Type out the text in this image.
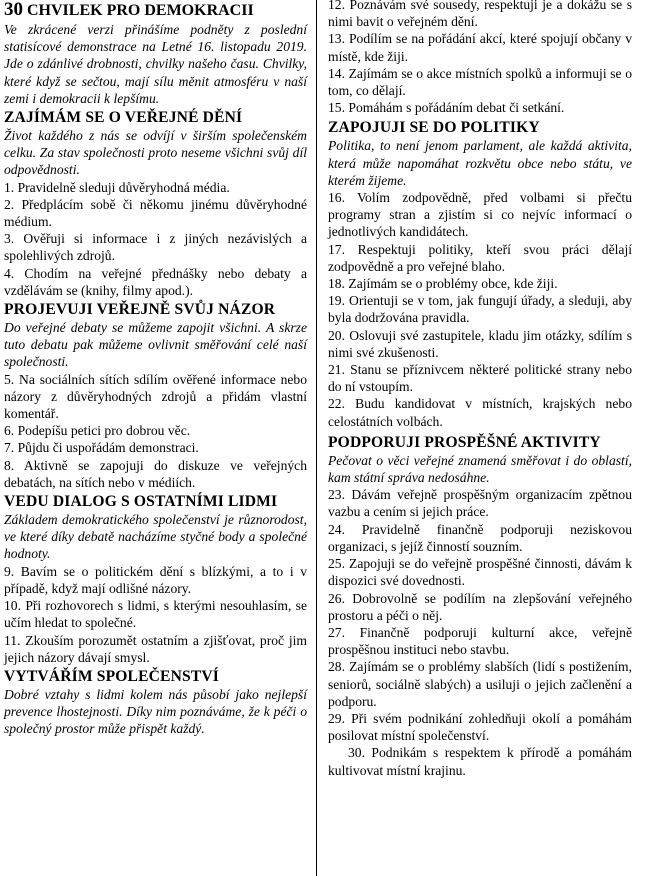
30 CHVILEK PRO DEMOKRACII
Ve zkrácené verzi přinášíme podněty z poslední statisícové demonstrace na Letné 16. listopadu 2019. Jde o zdánlivé drobnosti, chvilky našeho času. Chvilky, které když se sečtou, mají sílu měnit atmosféru v naší zemi i demokracii k lepšímu.
ZAJÍMÁM SE O VEŘEJNÉ DĚNÍ
Život každého z nás se odvíjí v širším společenském celku. Za stav společnosti proto neseme všichni svůj díl odpovědnosti.
1. Pravidelně sleduji důvěryhodná média.
2. Předplácím sobě či někomu jinému důvěryhodné médium.
3. Ověřuji si informace i z jiných nezávislých a spolehlivých zdrojů.
4. Chodím na veřejné přednášky nebo debaty a vzdělávám se (knihy, filmy apod.).
PROJEVUJI VEŘEJNĚ SVŮJ NÁZOR
Do veřejné debaty se můžeme zapojit všichni. A skrze tuto debatu pak můžeme ovlivnit směřování celé naší společnosti.
5. Na sociálních sítích sdílím ověřené informace nebo názory z důvěryhodných zdrojů a přidám vlastní komentář.
6. Podepíšu petici pro dobrou věc.
7. Půjdu či uspořádám demonstraci.
8. Aktivně se zapojuji do diskuze ve veřejných debatách, na sítích nebo v médiích.
VEDU DIALOG S OSTATNÍMI LIDMI
Základem demokratického společenství je různorodost, ve které díky debatě nacházíme styčné body a společné hodnoty.
9. Bavím se o politickém dění s blízkými, a to i v případě, když mají odlišné názory.
10. Při rozhovorech s lidmi, s kterými nesouhlasím, se učím hledat to společné.
11. Zkouším porozumět ostatním a zjišťovat, proč jim jejich názory dávají smysl.
VYTVÁŘÍM SPOLEČENSTVÍ
Dobré vztahy s lidmi kolem nás působí jako nejlepší prevence lhostejnosti. Díky nim poznáváme, že k péči o společný prostor může přispět každý.
12. Poznávám své sousedy, respektuji je a dokážu se s nimi bavit o veřejném dění.
13. Podílím se na pořádání akcí, které spojují občany v místě, kde žiji.
14. Zajímám se o akce místních spolků a informuji se o tom, co dělají.
15. Pomáhám s pořádáním debat či setkání.
ZAPOJUJI SE DO POLITIKY
Politika, to není jenom parlament, ale každá aktivita, která může napomáhat rozkvětu obce nebo státu, ve kterém žijeme.
16. Volím zodpovědně, před volbami si přečtu programy stran a zjistím si co nejvíc informací o jednotlivých kandidátech.
17. Respektuji politiky, kteří svou práci dělají zodpovědně a pro veřejné blaho.
18. Zajímám se o problémy obce, kde žiji.
19. Orientuji se v tom, jak fungují úřady, a sleduji, aby byla dodržována pravidla.
20. Oslovuji své zastupitele, kladu jim otázky, sdílím s nimi své zkušenosti.
21. Stanu se příznivcem některé politické strany nebo do ní vstoupím.
22. Budu kandidovat v místních, krajských nebo celostátních volbách.
PODPORUJI PROSPĚŠNÉ AKTIVITY
Pečovat o věci veřejné znamená směřovat i do oblastí, kam státní správa nedosáhne.
23. Dávám veřejně prospěšným organizacím zpětnou vazbu a cením si jejich práce.
24. Pravidelně finančně podporuji neziskovou organizaci, s jejíž činností souzním.
25. Zapojuji se do veřejně prospěšné činnosti, dávám k dispozici své dovednosti.
26. Dobrovolně se podílím na zlepšování veřejného prostoru a péči o něj.
27. Finančně podporuji kulturní akce, veřejně prospěšnou instituci nebo stavbu.
28. Zajímám se o problémy slabších (lidí s postižením, seniorů, sociálně slabých) a usiluji o jejich začlenění a podporu.
29. Při svém podnikání zohledňuji okolí a pomáhám posilovat místní společenství.
30. Podnikám s respektem k přírodě a pomáhám kultivovat místní krajinu.
